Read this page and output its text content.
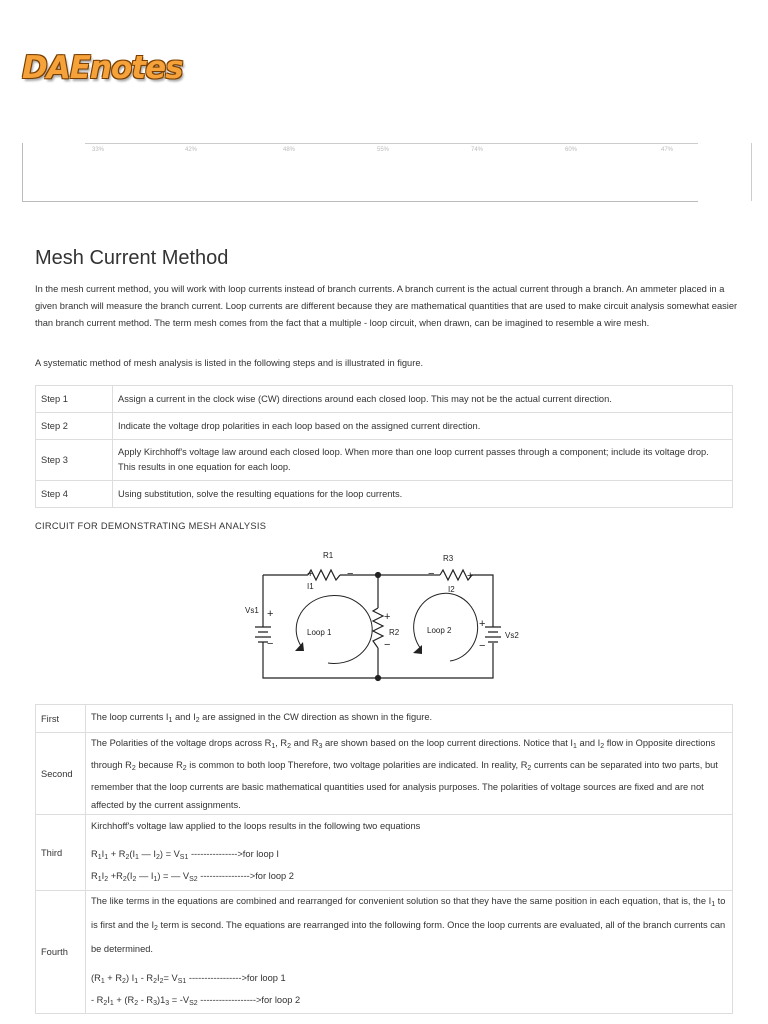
DAEnotes
33%	42%	48%	55%	74%	60%	47%
Mesh Current Method

In the mesh current method, you will work with loop currents instead of branch currents. A branch current is the actual current through a branch. An ammeter placed in a given branch will measure the branch current. Loop currents are different because they are mathematical quantities that are used to make circuit analysis somewhat easier than branch current method. The term mesh comes from the fact that a multiple - loop circuit, when drawn, can be imagined to resemble a wire mesh.

A systematic method of mesh analysis is listed in the following steps and is illustrated in figure.

Step 1	Assign a current in the clock wise (CW) directions around each closed loop. This may not be the actual current direction.
Step 2	Indicate the voltage drop polarities in each loop based on the assigned current direction.
Step 3	Apply Kirchhoff's voltage law around each closed loop. When more than one loop current passes through a component; include its voltage drop. This results in one equation for each loop.
Step 4	Using substitution, solve the resulting equations for the loop currents.
CIRCUIT FOR DEMONSTRATING MESH ANALYSIS
R1	R3
R2
I1	I2
Vs1
Vs2
Loop 1	Loop 2
+	−	−	+
+
−
+
−
+
−
First	The loop currents $I_1$ and $I_2$ are assigned in the CW direction as shown in the figure.
Second	The Polarities of the voltage drops across $R_1$, $R_2$ and $R_3$ are shown based on the loop current directions. Notice that $I_1$ and $I_2$ flow in Opposite directions through $R_2$ because $R_2$ is common to both loop Therefore, two voltage polarities are indicated. In reality, $R_2$ currents can be separated into two parts, but remember that the loop currents are basic mathematical quantities used for analysis purposes. The polarities of voltage sources are fixed and are not affected by the current assignments.
Third	Kirchhoff's voltage law applied to the loops results in the following two equations
$R_1I_1 + R_2(I_1$ — $I_2) = V_{S1}$ --------------->for loop I
$R_1I_2 +R_2(I_2$ — $I_1$) = — $V_{S2}$ ---------------->for loop 2

Fourth	The like terms in the equations are combined and rearranged for convenient solution so that they have the same position in each equation, that is, the $I_1$ to is first and the $I_2$ term is second. The equations are rearranged into the following form. Once the loop currents are evaluated, all of the branch currents can be determined.
$(R_1 + R_2)$ $I_1 - R_2I_2= V_{S1}$ ----------------->for loop 1
- $R_2I_1 + (R_2 - R_3)1_3 = -V_{S2}$ ------------------>for loop 2
